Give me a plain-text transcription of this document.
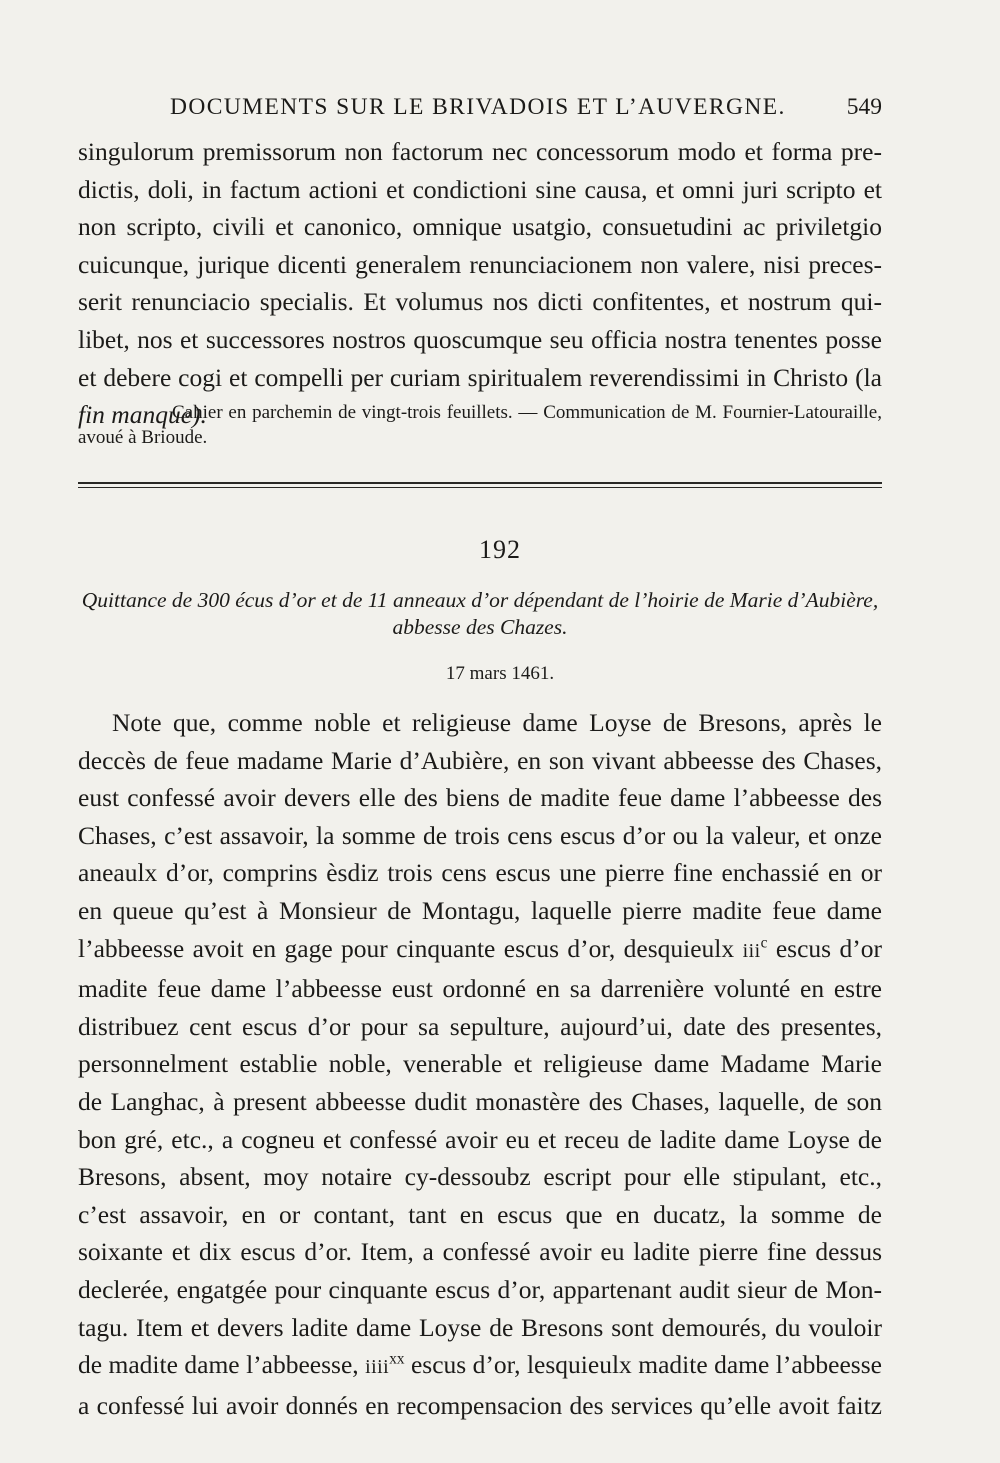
DOCUMENTS SUR LE BRIVADOIS ET L’AUVERGNE.	549
singulorum premissorum non factorum nec concessorum modo et forma pre-
dictis, doli, in factum actioni et condictioni sine causa, et omni juri scripto et
non scripto, civili et canonico, omnique usatgio, consuetudini ac priviletgio
cuicunque, jurique dicenti generalem renunciacionem non valere, nisi preces-
serit renunciacio specialis. Et volumus nos dicti confitentes, et nostrum qui-
libet, nos et successores nostros quoscumque seu officia nostra tenentes posse
et debere cogi et compelli per curiam spiritualem reverendissimi in Christo (la
fin manque).
Cahier en parchemin de vingt-trois feuillets. — Communication de M. Fournier-Latouraille,
avoué à Brioude.
192
Quittance de 300 écus d’or et de 11 anneaux d’or dépendant de l’hoirie de Marie d’Aubière,
abbesse des Chazes.
17 mars 1461.
Note que, comme noble et religieuse dame Loyse de Bresons, après le
deccès de feue madame Marie d’Aubière, en son vivant abbeesse des Chases,
eust confessé avoir devers elle des biens de madite feue dame l’abbeesse des
Chases, c’est assavoir, la somme de trois cens escus d’or ou la valeur, et onze
aneaulx d’or, comprins èsdiz trois cens escus une pierre fine enchassié en or
en queue qu’est à Monsieur de Montagu, laquelle pierre madite feue dame
l’abbeesse avoit en gage pour cinquante escus d’or, desquieulx iii$^c$ escus d’or
madite feue dame l’abbeesse eust ordonné en sa darrenière volunté en estre
distribuez cent escus d’or pour sa sepulture, aujourd’ui, date des presentes,
personnelment establie noble, venerable et religieuse dame Madame Marie
de Langhac, à present abbeesse dudit monastère des Chases, laquelle, de son
bon gré, etc., a cogneu et confessé avoir eu et receu de ladite dame Loyse de
Bresons, absent, moy notaire cy-dessoubz escript pour elle stipulant, etc.,
c’est assavoir, en or contant, tant en escus que en ducatz, la somme de
soixante et dix escus d’or. Item, a confessé avoir eu ladite pierre fine dessus
declerée, engatgée pour cinquante escus d’or, appartenant audit sieur de Mon-
tagu. Item et devers ladite dame Loyse de Bresons sont demourés, du vouloir
de madite dame l’abbeesse, iiii$^{xx}$ escus d’or, lesquieulx madite dame l’abbeesse
a confessé lui avoir donnés en recompensacion des services qu’elle avoit faitz
